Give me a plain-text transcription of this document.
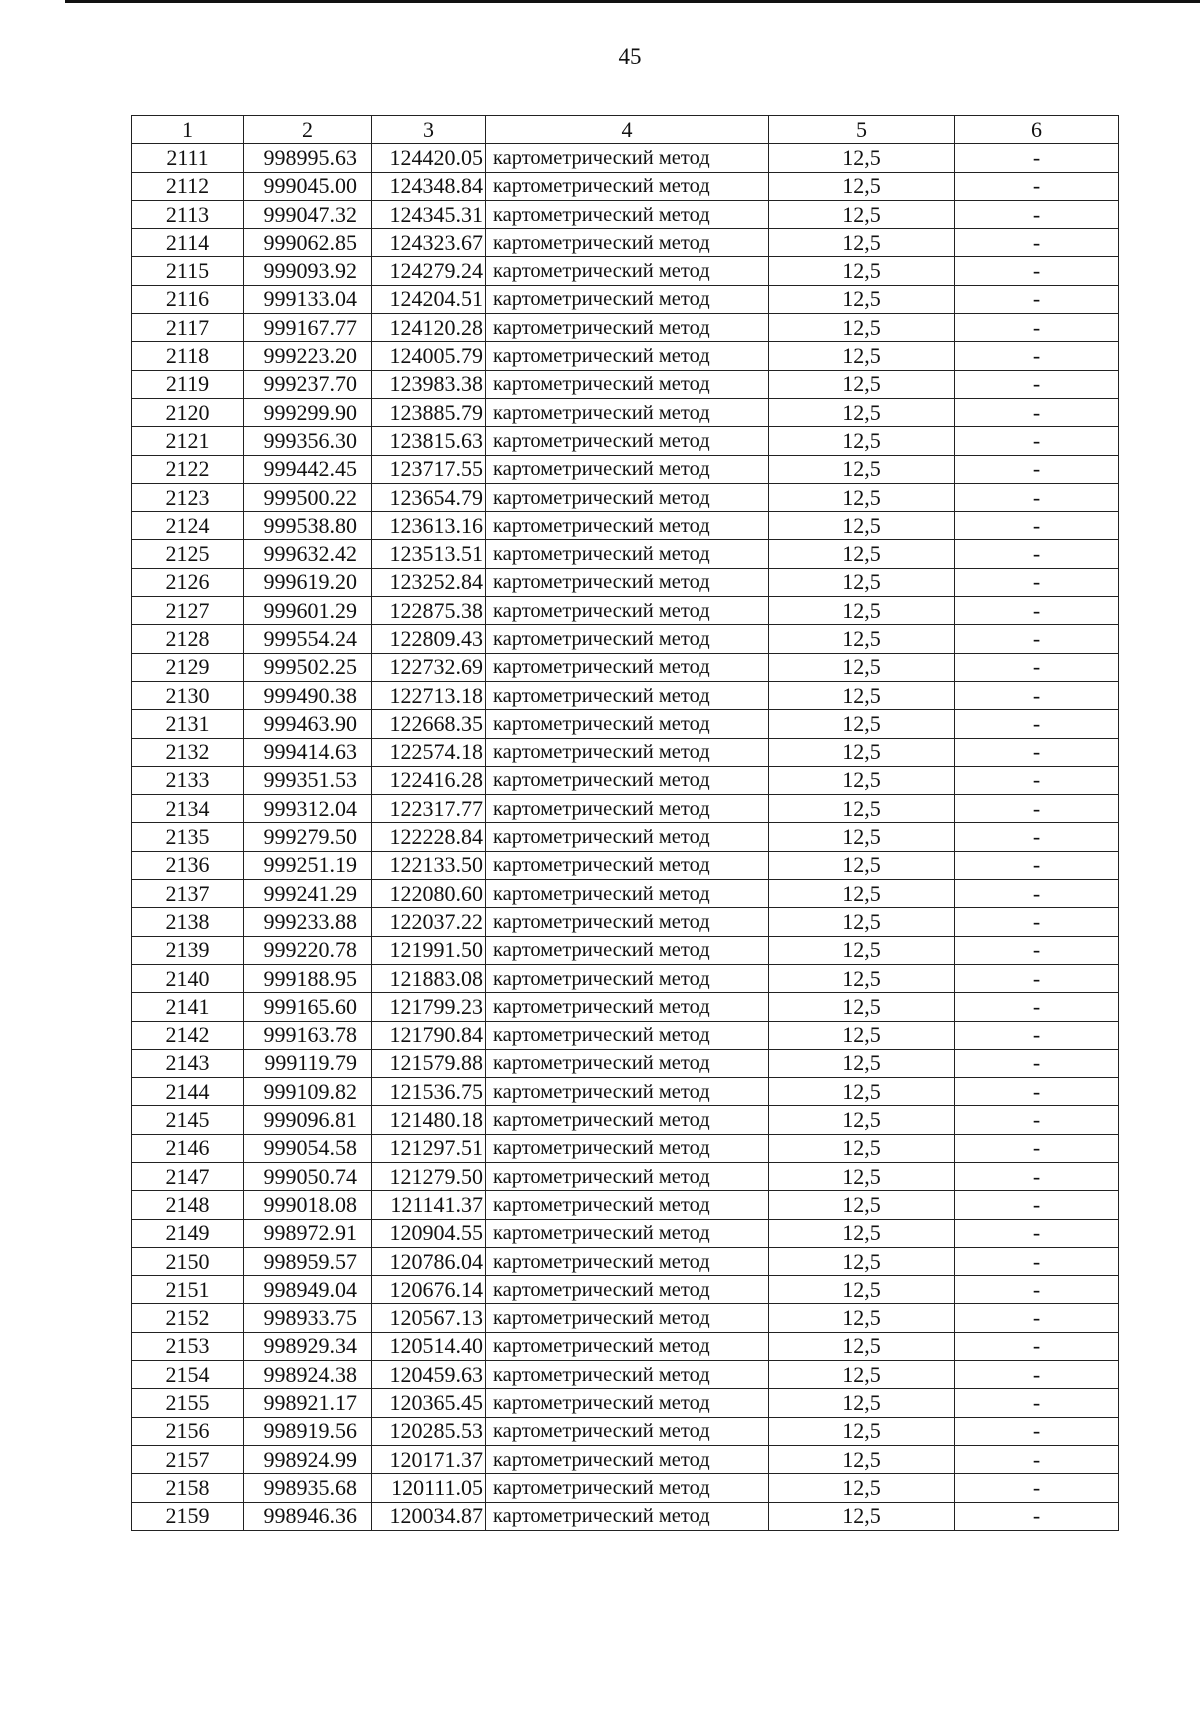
45
1	2	3	4	5	6
2111	998995.63	124420.05	картометрический метод	12,5	-
2112	999045.00	124348.84	картометрический метод	12,5	-
2113	999047.32	124345.31	картометрический метод	12,5	-
2114	999062.85	124323.67	картометрический метод	12,5	-
2115	999093.92	124279.24	картометрический метод	12,5	-
2116	999133.04	124204.51	картометрический метод	12,5	-
2117	999167.77	124120.28	картометрический метод	12,5	-
2118	999223.20	124005.79	картометрический метод	12,5	-
2119	999237.70	123983.38	картометрический метод	12,5	-
2120	999299.90	123885.79	картометрический метод	12,5	-
2121	999356.30	123815.63	картометрический метод	12,5	-
2122	999442.45	123717.55	картометрический метод	12,5	-
2123	999500.22	123654.79	картометрический метод	12,5	-
2124	999538.80	123613.16	картометрический метод	12,5	-
2125	999632.42	123513.51	картометрический метод	12,5	-
2126	999619.20	123252.84	картометрический метод	12,5	-
2127	999601.29	122875.38	картометрический метод	12,5	-
2128	999554.24	122809.43	картометрический метод	12,5	-
2129	999502.25	122732.69	картометрический метод	12,5	-
2130	999490.38	122713.18	картометрический метод	12,5	-
2131	999463.90	122668.35	картометрический метод	12,5	-
2132	999414.63	122574.18	картометрический метод	12,5	-
2133	999351.53	122416.28	картометрический метод	12,5	-
2134	999312.04	122317.77	картометрический метод	12,5	-
2135	999279.50	122228.84	картометрический метод	12,5	-
2136	999251.19	122133.50	картометрический метод	12,5	-
2137	999241.29	122080.60	картометрический метод	12,5	-
2138	999233.88	122037.22	картометрический метод	12,5	-
2139	999220.78	121991.50	картометрический метод	12,5	-
2140	999188.95	121883.08	картометрический метод	12,5	-
2141	999165.60	121799.23	картометрический метод	12,5	-
2142	999163.78	121790.84	картометрический метод	12,5	-
2143	999119.79	121579.88	картометрический метод	12,5	-
2144	999109.82	121536.75	картометрический метод	12,5	-
2145	999096.81	121480.18	картометрический метод	12,5	-
2146	999054.58	121297.51	картометрический метод	12,5	-
2147	999050.74	121279.50	картометрический метод	12,5	-
2148	999018.08	121141.37	картометрический метод	12,5	-
2149	998972.91	120904.55	картометрический метод	12,5	-
2150	998959.57	120786.04	картометрический метод	12,5	-
2151	998949.04	120676.14	картометрический метод	12,5	-
2152	998933.75	120567.13	картометрический метод	12,5	-
2153	998929.34	120514.40	картометрический метод	12,5	-
2154	998924.38	120459.63	картометрический метод	12,5	-
2155	998921.17	120365.45	картометрический метод	12,5	-
2156	998919.56	120285.53	картометрический метод	12,5	-
2157	998924.99	120171.37	картометрический метод	12,5	-
2158	998935.68	120111.05	картометрический метод	12,5	-
2159	998946.36	120034.87	картометрический метод	12,5	-
